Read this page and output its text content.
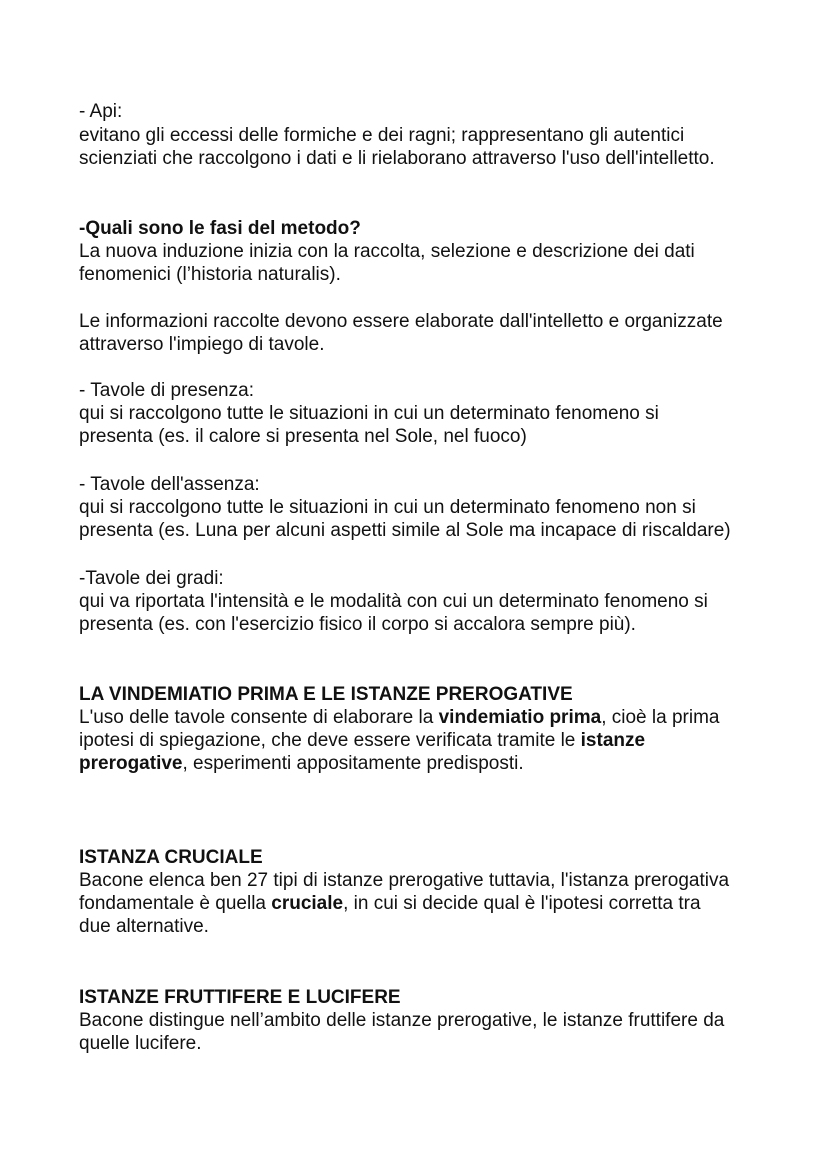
- Api:
evitano gli eccessi delle formiche e dei ragni; rappresentano gli autentici
scienziati che raccolgono i dati e li rielaborano attraverso l'uso dell'intelletto.
-Quali sono le fasi del metodo?
La nuova induzione inizia con la raccolta, selezione e descrizione dei dati
fenomenici (l’historia naturalis).
Le informazioni raccolte devono essere elaborate dall'intelletto e organizzate
attraverso l'impiego di tavole.
- Tavole di presenza:
qui si raccolgono tutte le situazioni in cui un determinato fenomeno si
presenta (es. il calore si presenta nel Sole, nel fuoco)
- Tavole dell'assenza:
qui si raccolgono tutte le situazioni in cui un determinato fenomeno non si
presenta (es. Luna per alcuni aspetti simile al Sole ma incapace di riscaldare)
-Tavole dei gradi:
qui va riportata l'intensità e le modalità con cui un determinato fenomeno si
presenta (es. con l'esercizio fisico il corpo si accalora sempre più).
LA VINDEMIATIO PRIMA E LE ISTANZE PREROGATIVE
L'uso delle tavole consente di elaborare la vindemiatio prima, cioè la prima
ipotesi di spiegazione, che deve essere verificata tramite le istanze
prerogative, esperimenti appositamente predisposti.
ISTANZA CRUCIALE
Bacone elenca ben 27 tipi di istanze prerogative tuttavia, l'istanza prerogativa
fondamentale è quella cruciale, in cui si decide qual è l'ipotesi corretta tra
due alternative.
ISTANZE FRUTTIFERE E LUCIFERE
Bacone distingue nell’ambito delle istanze prerogative, le istanze fruttifere da
quelle lucifere.
